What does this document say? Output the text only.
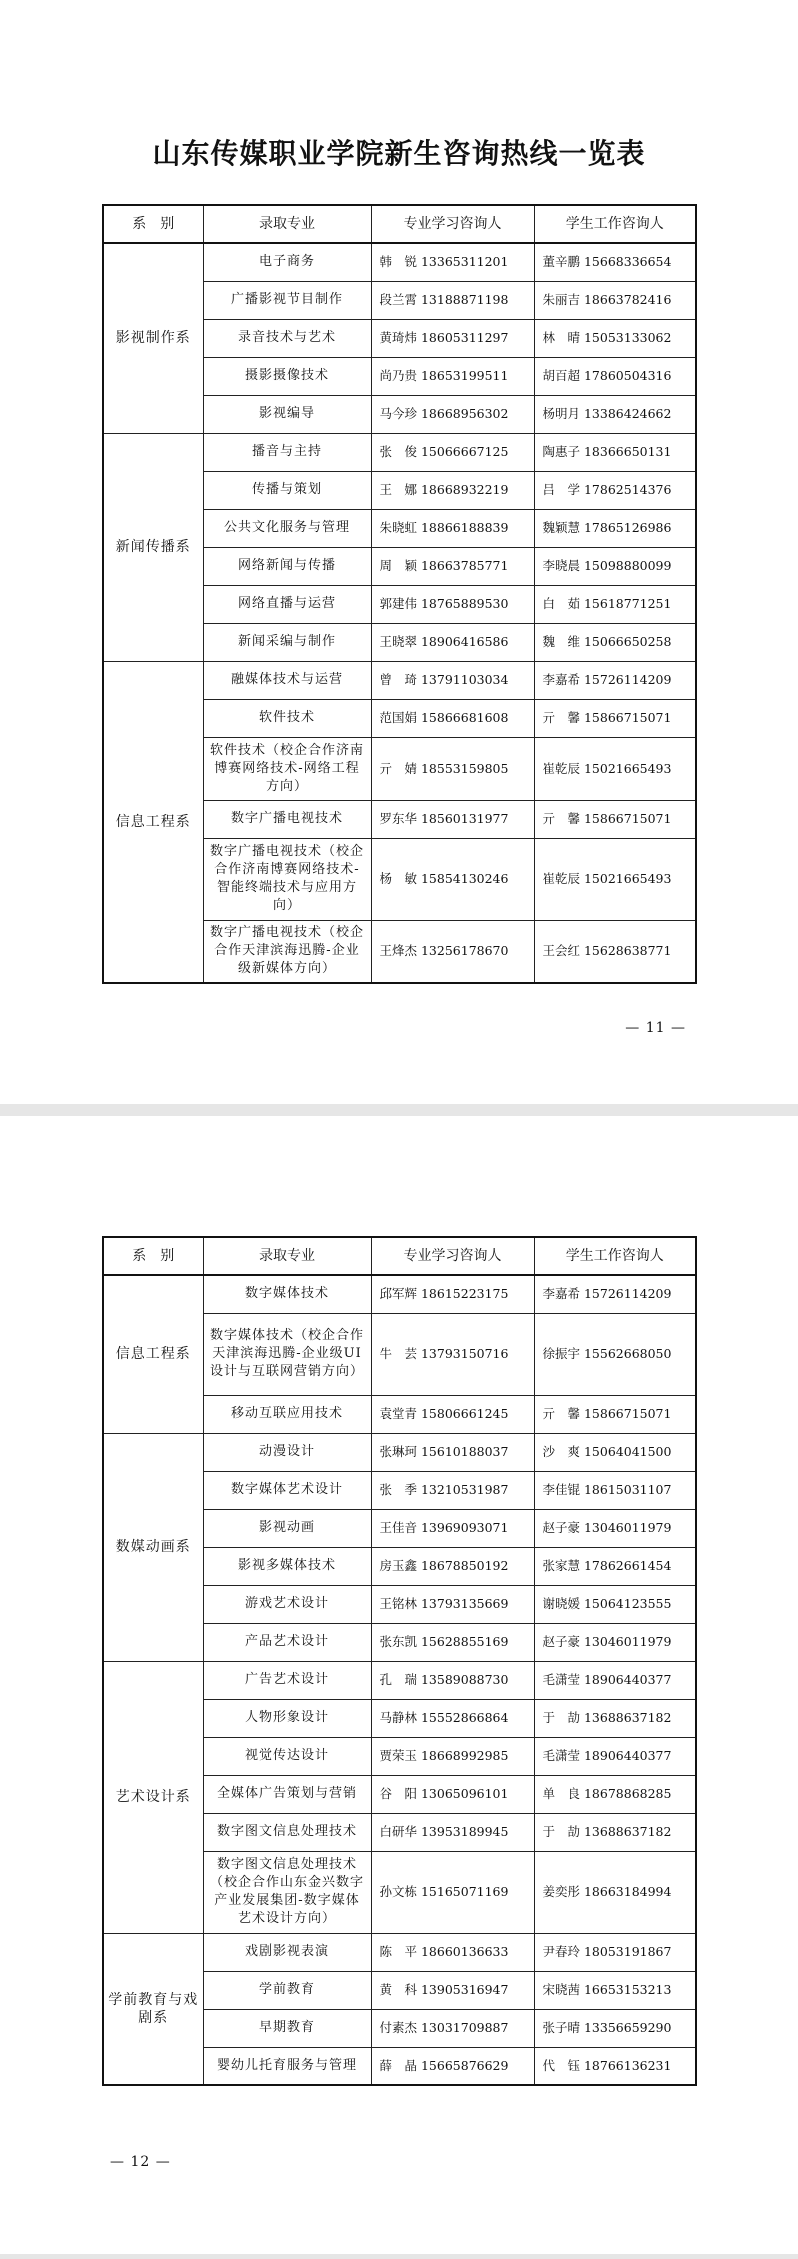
山东传媒职业学院新生咨询热线一览表
系　别	录取专业	专业学习咨询人	学生工作咨询人
影视制作系	电子商务	韩　锐 13365311201	董辛鹏 15668336654
	广播影视节目制作	段兰霄 13188871198	朱丽吉 18663782416
	录音技术与艺术	黄琦炜 18605311297	林　晴 15053133062
	摄影摄像技术	尚乃贵 18653199511	胡百超 17860504316
	影视编导	马今珍 18668956302	杨明月 13386424662
新闻传播系	播音与主持	张　俊 15066667125	陶惠子 18366650131
	传播与策划	王　娜 18668932219	吕　学 17862514376
	公共文化服务与管理	朱晓虹 18866188839	魏颖慧 17865126986
	网络新闻与传播	周　颖 18663785771	李晓晨 15098880099
	网络直播与运营	郭建伟 18765889530	白　茹 15618771251
	新闻采编与制作	王晓翠 18906416586	魏　维 15066650258
信息工程系	融媒体技术与运营	曾　琦 13791103034	李嘉希 15726114209
	软件技术	范国娟 15866681608	亓　馨 15866715071
	软件技术（校企合作济南博赛网络技术-网络工程方向）	亓　婧 18553159805	崔乾辰 15021665493
	数字广播电视技术	罗东华 18560131977	亓　馨 15866715071
	数字广播电视技术（校企合作济南博赛网络技术-智能终端技术与应用方向）	杨　敏 15854130246	崔乾辰 15021665493
	数字广播电视技术（校企合作天津滨海迅腾-企业级新媒体方向）	王烽杰 13256178670	王会红 15628638771
— 11 —
系　别	录取专业	专业学习咨询人	学生工作咨询人
信息工程系	数字媒体技术	邱军辉 18615223175	李嘉希 15726114209
	数字媒体技术（校企合作天津滨海迅腾-企业级UI设计与互联网营销方向）	牛　芸 13793150716	徐振宇 15562668050
	移动互联应用技术	袁堂青 15806661245	亓　馨 15866715071
数媒动画系	动漫设计	张琳珂 15610188037	沙　爽 15064041500
	数字媒体艺术设计	张　季 13210531987	李佳锟 18615031107
	影视动画	王佳音 13969093071	赵子豪 13046011979
	影视多媒体技术	房玉鑫 18678850192	张家慧 17862661454
	游戏艺术设计	王铭林 13793135669	谢晓媛 15064123555
	产品艺术设计	张东凯 15628855169	赵子豪 13046011979
艺术设计系	广告艺术设计	孔　瑞 13589088730	毛潇莹 18906440377
	人物形象设计	马静林 15552866864	于　劼 13688637182
	视觉传达设计	贾荣玉 18668992985	毛潇莹 18906440377
	全媒体广告策划与营销	谷　阳 13065096101	单　良 18678868285
	数字图文信息处理技术	白研华 13953189945	于　劼 13688637182
	数字图文信息处理技术（校企合作山东金兴数字产业发展集团-数字媒体艺术设计方向）	孙文栋 15165071169	姜奕彤 18663184994
学前教育与戏剧系	戏剧影视表演	陈　平 18660136633	尹春玲 18053191867
	学前教育	黄　科 13905316947	宋晓茜 16653153213
	早期教育	付素杰 13031709887	张子晴 13356659290
	婴幼儿托育服务与管理	薛　晶 15665876629	代　钰 18766136231
— 12 —
